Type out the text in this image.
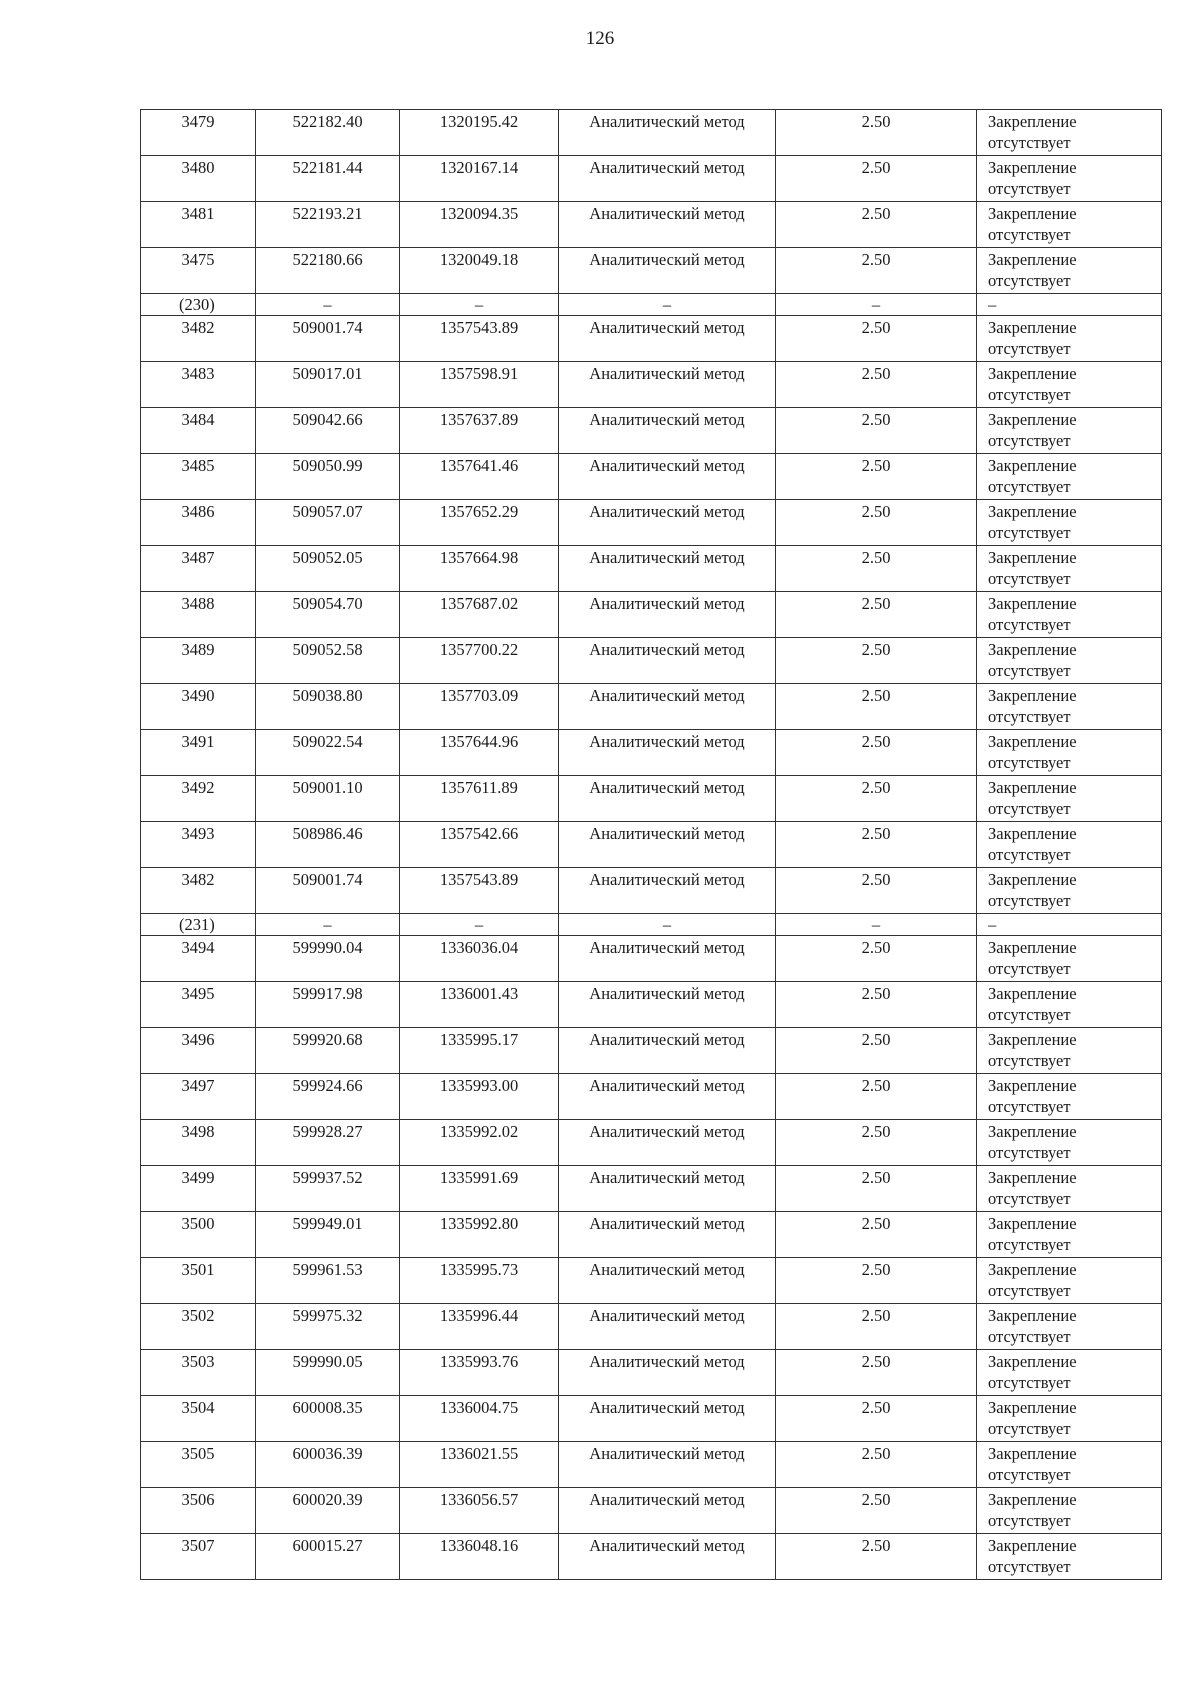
126
3479	522182.40	1320195.42	Аналитический метод	2.50	Закрепление отсутствует
3480	522181.44	1320167.14	Аналитический метод	2.50	Закрепление отсутствует
3481	522193.21	1320094.35	Аналитический метод	2.50	Закрепление отсутствует
3475	522180.66	1320049.18	Аналитический метод	2.50	Закрепление отсутствует
(230)	–	–	–	–	–
3482	509001.74	1357543.89	Аналитический метод	2.50	Закрепление отсутствует
3483	509017.01	1357598.91	Аналитический метод	2.50	Закрепление отсутствует
3484	509042.66	1357637.89	Аналитический метод	2.50	Закрепление отсутствует
3485	509050.99	1357641.46	Аналитический метод	2.50	Закрепление отсутствует
3486	509057.07	1357652.29	Аналитический метод	2.50	Закрепление отсутствует
3487	509052.05	1357664.98	Аналитический метод	2.50	Закрепление отсутствует
3488	509054.70	1357687.02	Аналитический метод	2.50	Закрепление отсутствует
3489	509052.58	1357700.22	Аналитический метод	2.50	Закрепление отсутствует
3490	509038.80	1357703.09	Аналитический метод	2.50	Закрепление отсутствует
3491	509022.54	1357644.96	Аналитический метод	2.50	Закрепление отсутствует
3492	509001.10	1357611.89	Аналитический метод	2.50	Закрепление отсутствует
3493	508986.46	1357542.66	Аналитический метод	2.50	Закрепление отсутствует
3482	509001.74	1357543.89	Аналитический метод	2.50	Закрепление отсутствует
(231)	–	–	–	–	–
3494	599990.04	1336036.04	Аналитический метод	2.50	Закрепление отсутствует
3495	599917.98	1336001.43	Аналитический метод	2.50	Закрепление отсутствует
3496	599920.68	1335995.17	Аналитический метод	2.50	Закрепление отсутствует
3497	599924.66	1335993.00	Аналитический метод	2.50	Закрепление отсутствует
3498	599928.27	1335992.02	Аналитический метод	2.50	Закрепление отсутствует
3499	599937.52	1335991.69	Аналитический метод	2.50	Закрепление отсутствует
3500	599949.01	1335992.80	Аналитический метод	2.50	Закрепление отсутствует
3501	599961.53	1335995.73	Аналитический метод	2.50	Закрепление отсутствует
3502	599975.32	1335996.44	Аналитический метод	2.50	Закрепление отсутствует
3503	599990.05	1335993.76	Аналитический метод	2.50	Закрепление отсутствует
3504	600008.35	1336004.75	Аналитический метод	2.50	Закрепление отсутствует
3505	600036.39	1336021.55	Аналитический метод	2.50	Закрепление отсутствует
3506	600020.39	1336056.57	Аналитический метод	2.50	Закрепление отсутствует
3507	600015.27	1336048.16	Аналитический метод	2.50	Закрепление отсутствует
